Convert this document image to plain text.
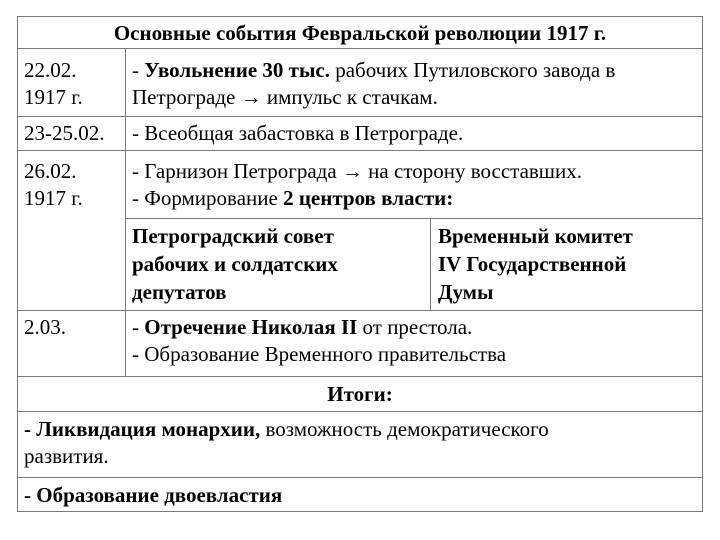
Основные события Февральской революции 1917 г.
22.02.
1917 г.
- Увольнение 30 тыс. рабочих Путиловского завода в
Петрограде → импульс к стачкам.
23-25.02. - Всеобщая забастовка в Петрограде.
26.02.
1917 г.
- Гарнизон Петрограда → на сторону восставших.
- Формирование 2 центров власти:
Петроградский совет
рабочих и солдатских
депутатов
Временный комитет
IV Государственной
Думы
2.03.	- Отречение Николая II от престола.
- Образование Временного правительства
Итоги:
- Ликвидация монархии, возможность демократического
развития.
- Образование двоевластия
